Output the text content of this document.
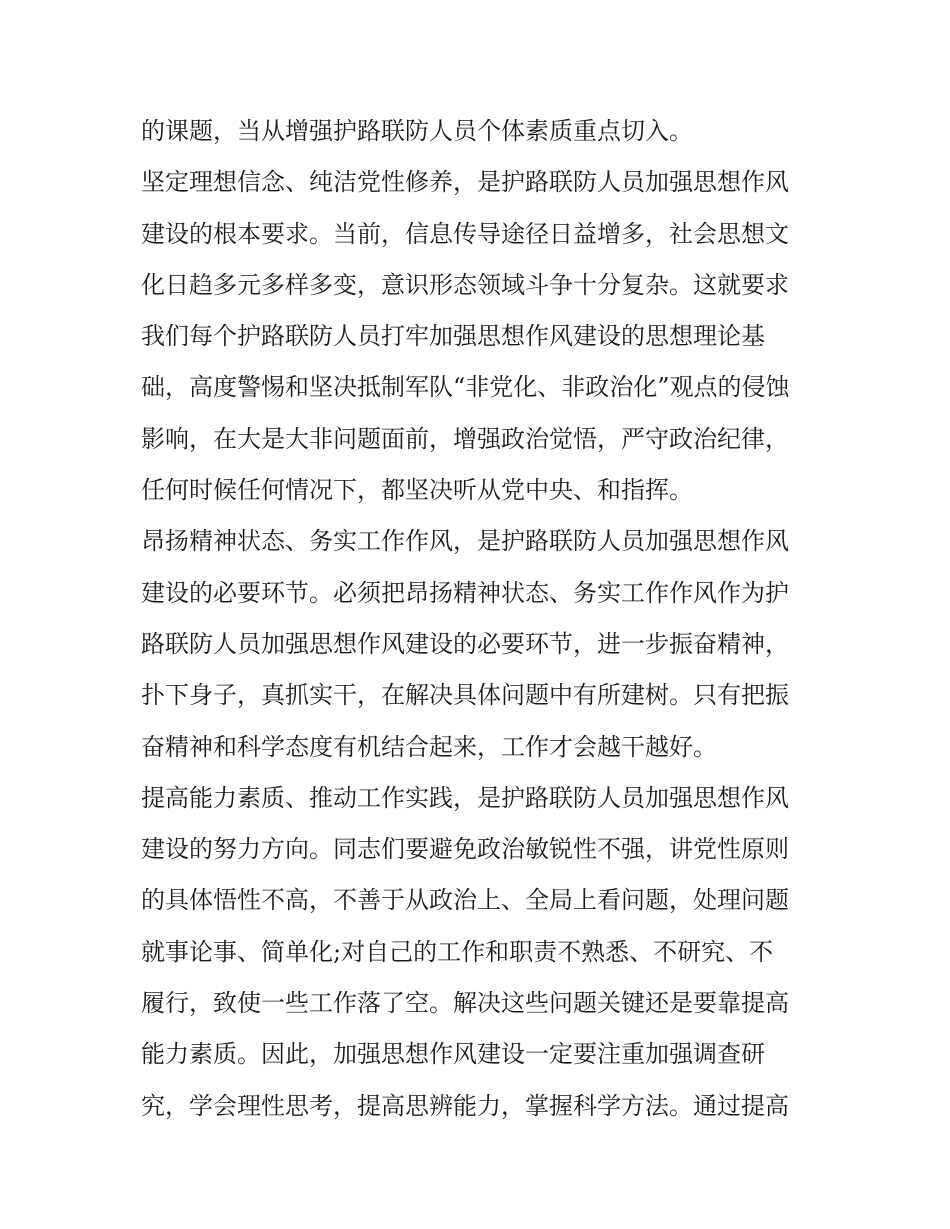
的课题，当从增强护路联防人员个体素质重点切入。
坚定理想信念、纯洁党性修养，是护路联防人员加强思想作风
建设的根本要求。当前，信息传导途径日益增多，社会思想文
化日趋多元多样多变，意识形态领域斗争十分复杂。这就要求
我们每个护路联防人员打牢加强思想作风建设的思想理论基
础，高度警惕和坚决抵制军队“非党化、非政治化”观点的侵蚀
影响，在大是大非问题面前，增强政治觉悟，严守政治纪律，
任何时候任何情况下，都坚决听从党中央、和指挥。
昂扬精神状态、务实工作作风，是护路联防人员加强思想作风
建设的必要环节。必须把昂扬精神状态、务实工作作风作为护
路联防人员加强思想作风建设的必要环节，进一步振奋精神，
扑下身子，真抓实干，在解决具体问题中有所建树。只有把振
奋精神和科学态度有机结合起来，工作才会越干越好。
提高能力素质、推动工作实践，是护路联防人员加强思想作风
建设的努力方向。同志们要避免政治敏锐性不强，讲党性原则
的具体悟性不高，不善于从政治上、全局上看问题，处理问题
就事论事、简单化;对自己的工作和职责不熟悉、不研究、不
履行，致使一些工作落了空。解决这些问题关键还是要靠提高
能力素质。因此，加强思想作风建设一定要注重加强调查研
究，学会理性思考，提高思辨能力，掌握科学方法。通过提高
